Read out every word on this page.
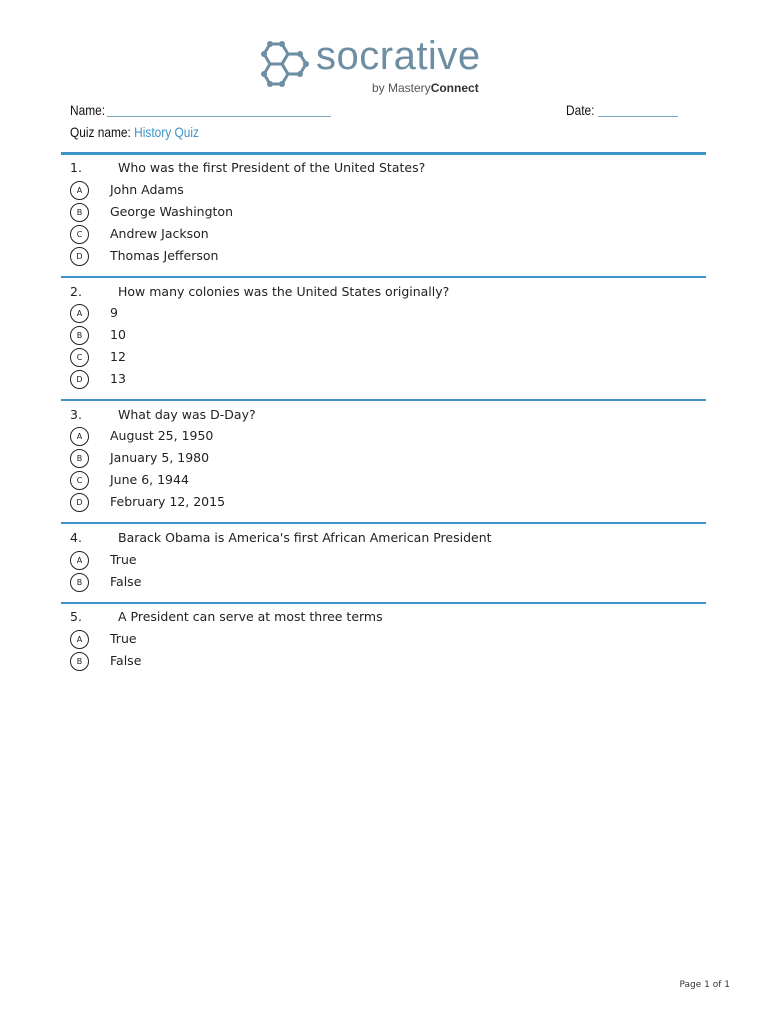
socrative
by MasteryConnect
Name:	Date:
Quiz name: History Quiz
1.	Who was the first President of the United States?
A	John Adams
B	George Washington
C	Andrew Jackson
D	Thomas Jefferson
2.	How many colonies was the United States originally?
A	9
B	10
C	12
D	13
3.	What day was D-Day?
A	August 25, 1950
B	January 5, 1980
C	June 6, 1944
D	February 12, 2015
4.	Barack Obama is America's first African American President
A	True
B	False
5.	A President can serve at most three terms
A	True
B	False
Page 1 of 1
